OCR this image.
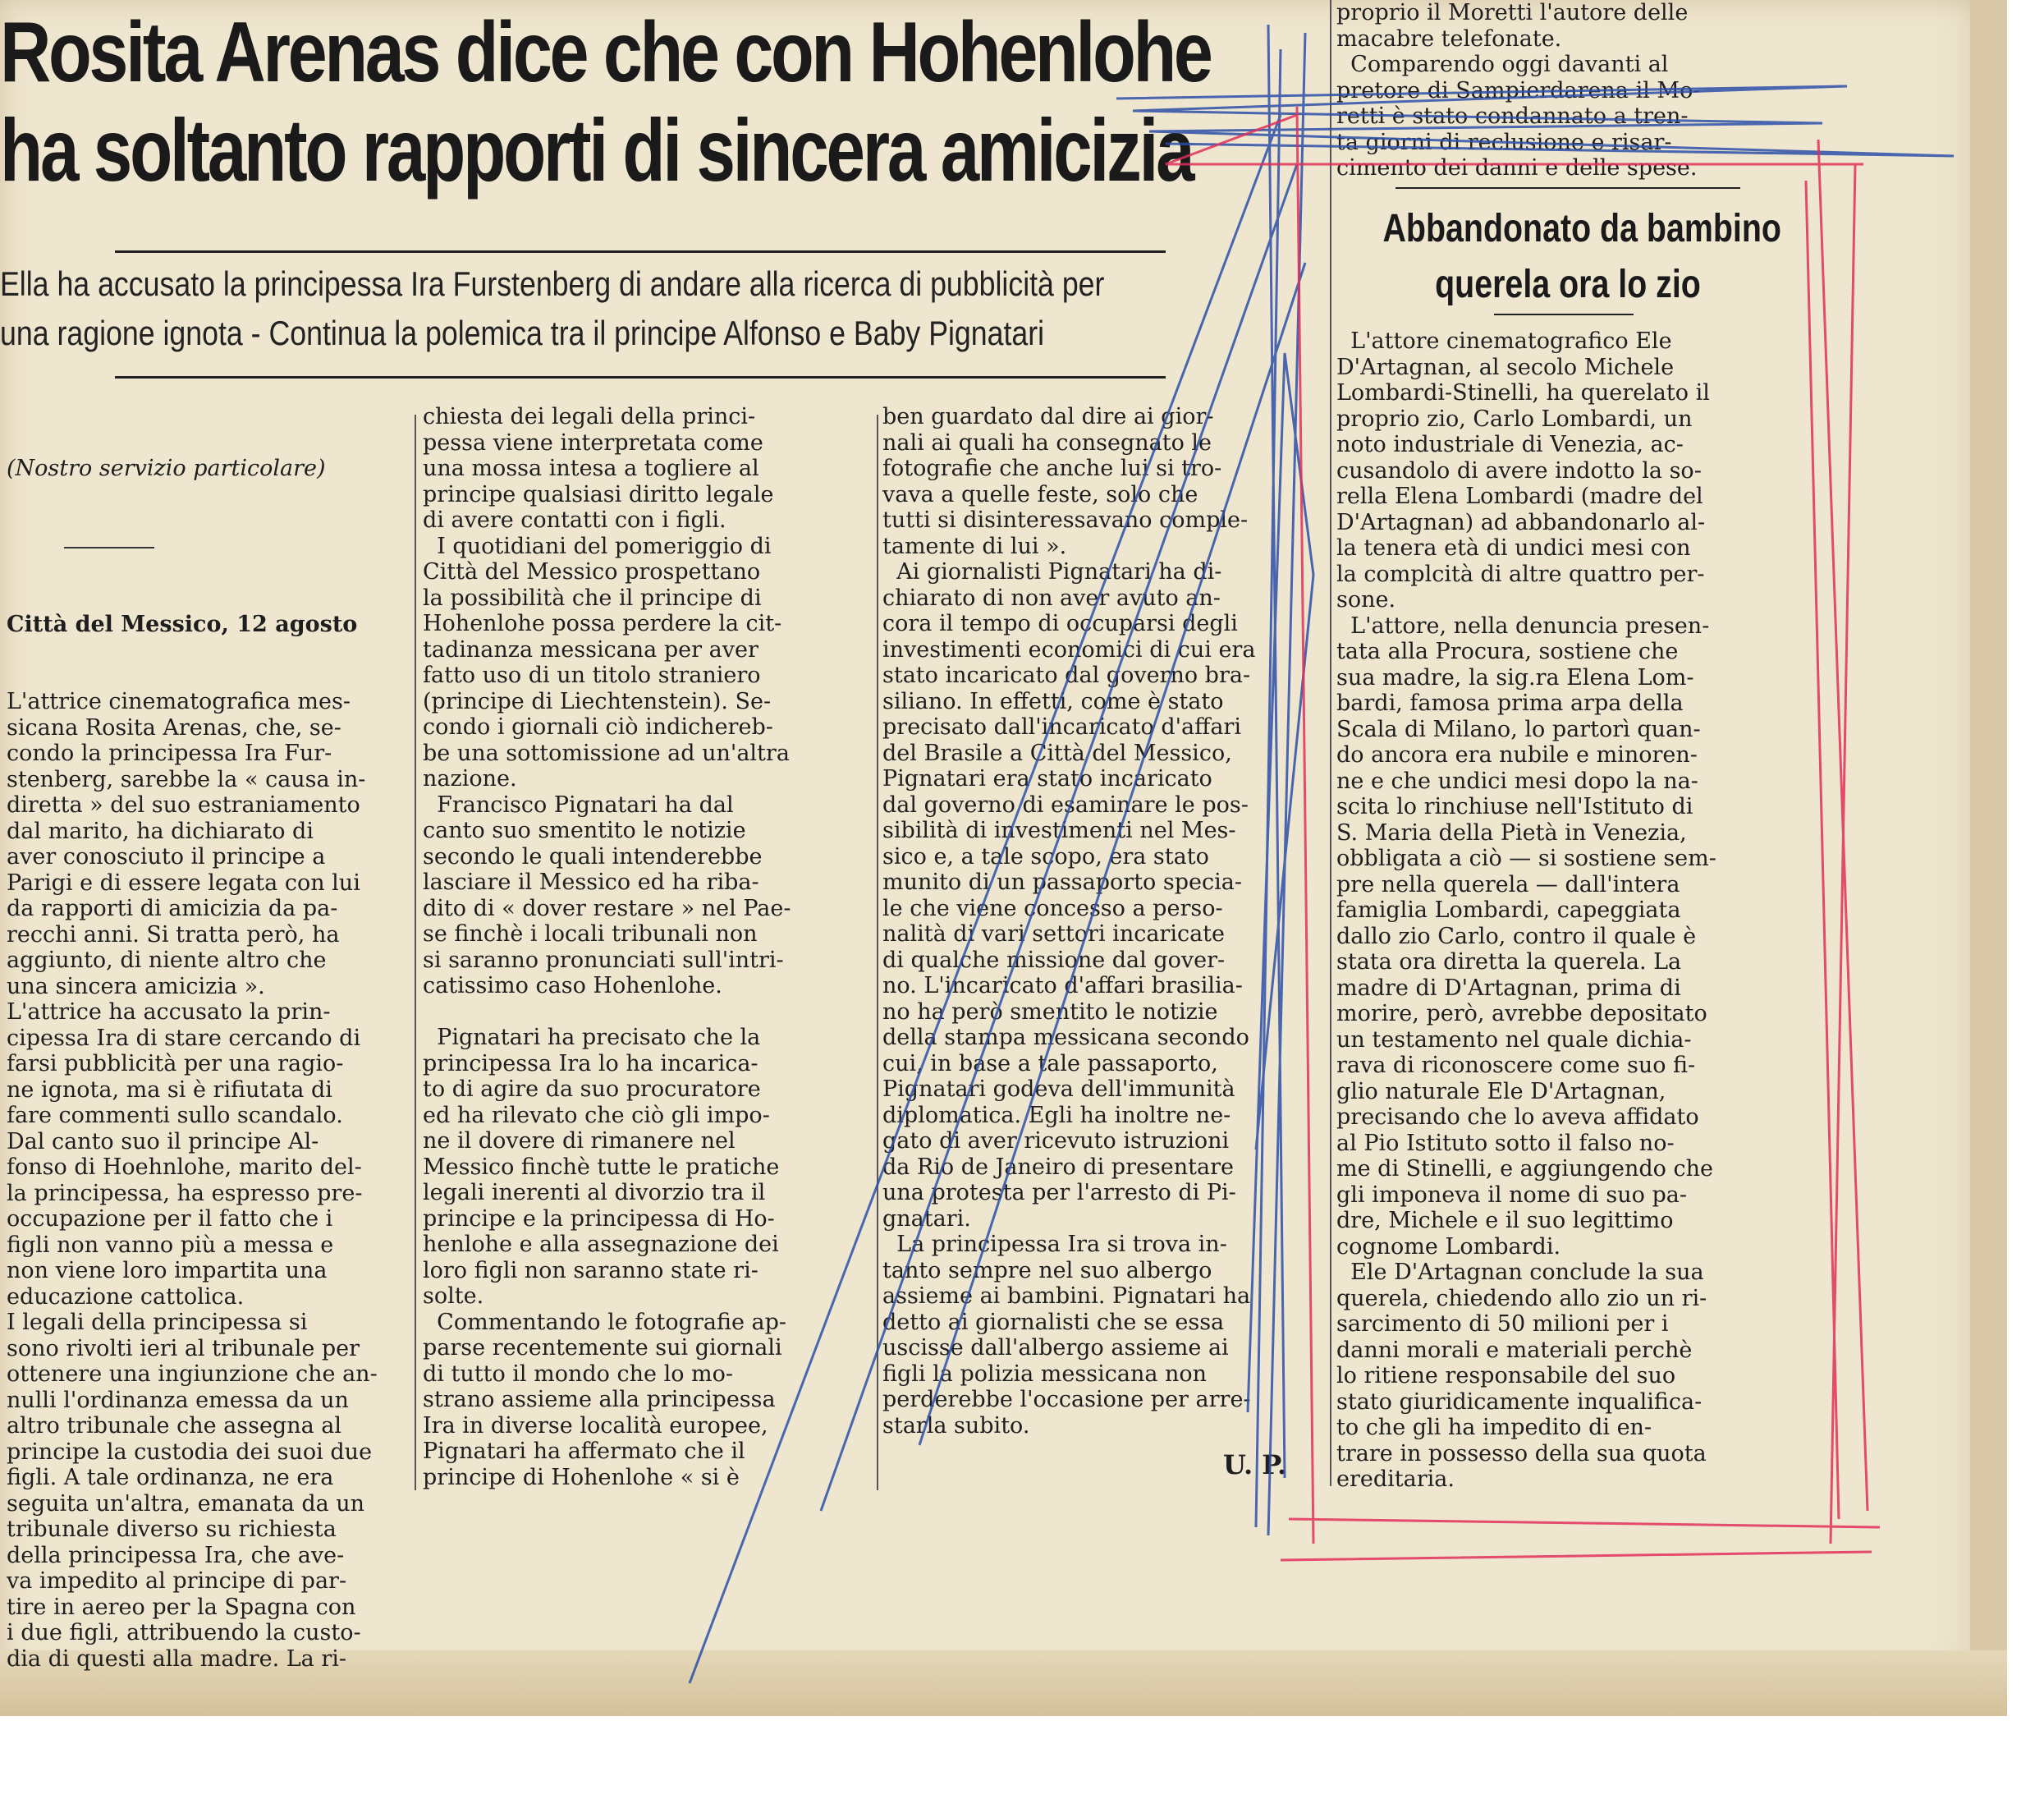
Rosita Arenas dice che con Hohenlohe
ha soltanto rapporti di sincera amicizia

Ella ha accusato la principessa Ira Furstenberg di andare alla ricerca di pubblicità per

una ragione ignota - Continua la polemica tra il principe Alfonso e Baby Pignatari

(Nostro servizio particolare)

Città del Messico, 12 agosto

L'attrice cinematografica mes-
sicana Rosita Arenas, che, se-
condo la principessa Ira Fur-
stenberg, sarebbe la « causa in-
diretta » del suo estraniamento
dal marito, ha dichiarato di
aver conosciuto il principe a
Parigi e di essere legata con lui
da rapporti di amicizia da pa-
recchi anni. Si tratta però, ha
aggiunto, di niente altro che
una sincera amicizia ».
L'attrice ha accusato la prin-
cipessa Ira di stare cercando di
farsi pubblicità per una ragio-
ne ignota, ma si è rifiutata di
fare commenti sullo scandalo.
Dal canto suo il principe Al-
fonso di Hoehnlohe, marito del-
la principessa, ha espresso pre-
occupazione per il fatto che i
figli non vanno più a messa e
non viene loro impartita una
educazione cattolica.
I legali della principessa si
sono rivolti ieri al tribunale per
ottenere una ingiunzione che an-
nulli l'ordinanza emessa da un
altro tribunale che assegna al
principe la custodia dei suoi due
figli. A tale ordinanza, ne era
seguita un'altra, emanata da un
tribunale diverso su richiesta
della principessa Ira, che ave-
va impedito al principe di par-
tire in aereo per la Spagna con
i due figli, attribuendo la custo-
dia di questi alla madre. La ri-

chiesta dei legali della princi-
pessa viene interpretata come
una mossa intesa a togliere al
principe qualsiasi diritto legale
di avere contatti con i figli.
I quotidiani del pomeriggio di
Città del Messico prospettano
la possibilità che il principe di
Hohenlohe possa perdere la cit-
tadinanza messicana per aver
fatto uso di un titolo straniero
(principe di Liechtenstein). Se-
condo i giornali ciò indichereb-
be una sottomissione ad un'altra
nazione.
Francisco Pignatari ha dal
canto suo smentito le notizie
secondo le quali intenderebbe
lasciare il Messico ed ha riba-
dito di « dover restare » nel Pae-
se finchè i locali tribunali non
si saranno pronunciati sull'intri-
catissimo caso Hohenlohe.
Pignatari ha precisato che la
principessa Ira lo ha incarica-
to di agire da suo procuratore
ed ha rilevato che ciò gli impo-
ne il dovere di rimanere nel
Messico finchè tutte le pratiche
legali inerenti al divorzio tra il
principe e la principessa di Ho-
henlohe e alla assegnazione dei
loro figli non saranno state ri-
solte.
Commentando le fotografie ap-
parse recentemente sui giornali
di tutto il mondo che lo mo-
strano assieme alla principessa
Ira in diverse località europee,
Pignatari ha affermato che il
principe di Hohenlohe « si è
ben guardato dal dire ai gior-
nali ai quali ha consegnato le
fotografie che anche lui si tro-
vava a quelle feste, solo che
tutti si disinteressavano comple-
tamente di lui ».
Ai giornalisti Pignatari ha di-
chiarato di non aver avuto an-
cora il tempo di occuparsi degli
investimenti economici di cui era
stato incaricato dal governo bra-
siliano. In effetti, come è stato
precisato dall'incaricato d'affari
del Brasile a Città del Messico,
Pignatari era stato incaricato
dal governo di esaminare le pos-
sibilità di investimenti nel Mes-
sico e, a tale scopo, era stato
munito di un passaporto specia-
le che viene concesso a perso-
nalità di vari settori incaricate
di qualche missione dal gover-
no. L'incaricato d'affari brasilia-
no ha però smentito le notizie
della stampa messicana secondo
cui, in base a tale passaporto,
Pignatari godeva dell'immunità
diplomatica. Egli ha inoltre ne-
gato di aver ricevuto istruzioni
da Rio de Janeiro di presentare
una protesta per l'arresto di Pi-
gnatari.
La principessa Ira si trova in-
tanto sempre nel suo albergo
assieme ai bambini. Pignatari ha
detto ai giornalisti che se essa
uscisse dall'albergo assieme ai
figli la polizia messicana non
perderebbe l'occasione per arre-
starla subito.
U. P.

proprio il Moretti l'autore delle
macabre telefonate.
Comparendo oggi davanti al
pretore di Sampierdarena il Mo-
retti è stato condannato a tren-
ta giorni di reclusione e risar-
cimento dei danni e delle spese.

L'attore cinematografico Ele
D'Artagnan, al secolo Michele
Lombardi-Stinelli, ha querelato il
proprio zio, Carlo Lombardi, un
noto industriale di Venezia, ac-
cusandolo di avere indotto la so-
rella Elena Lombardi (madre del
D'Artagnan) ad abbandonarlo al-
la tenera età di undici mesi con
la complcità di altre quattro per-
sone.
L'attore, nella denuncia presen-
tata alla Procura, sostiene che
sua madre, la sig.ra Elena Lom-
bardi, famosa prima arpa della
Scala di Milano, lo partorì quan-
do ancora era nubile e minoren-
ne e che undici mesi dopo la na-
scita lo rinchiuse nell'Istituto di
S. Maria della Pietà in Venezia,
obbligata a ciò — si sostiene sem-
pre nella querela — dall'intera
famiglia Lombardi, capeggiata
dallo zio Carlo, contro il quale è
stata ora diretta la querela. La
madre di D'Artagnan, prima di
morire, però, avrebbe depositato
un testamento nel quale dichia-
rava di riconoscere come suo fi-
glio naturale Ele D'Artagnan,
precisando che lo aveva affidato
al Pio Istituto sotto il falso no-
me di Stinelli, e aggiungendo che
gli imponeva il nome di suo pa-
dre, Michele e il suo legittimo
cognome Lombardi.
Ele D'Artagnan conclude la sua
querela, chiedendo allo zio un ri-
sarcimento di 50 milioni per i
danni morali e materiali perchè
lo ritiene responsabile del suo
stato giuridicamente inqualifica-
to che gli ha impedito di en-
trare in possesso della sua quota
ereditaria.

Abbandonato da bambino
querela ora lo zio
